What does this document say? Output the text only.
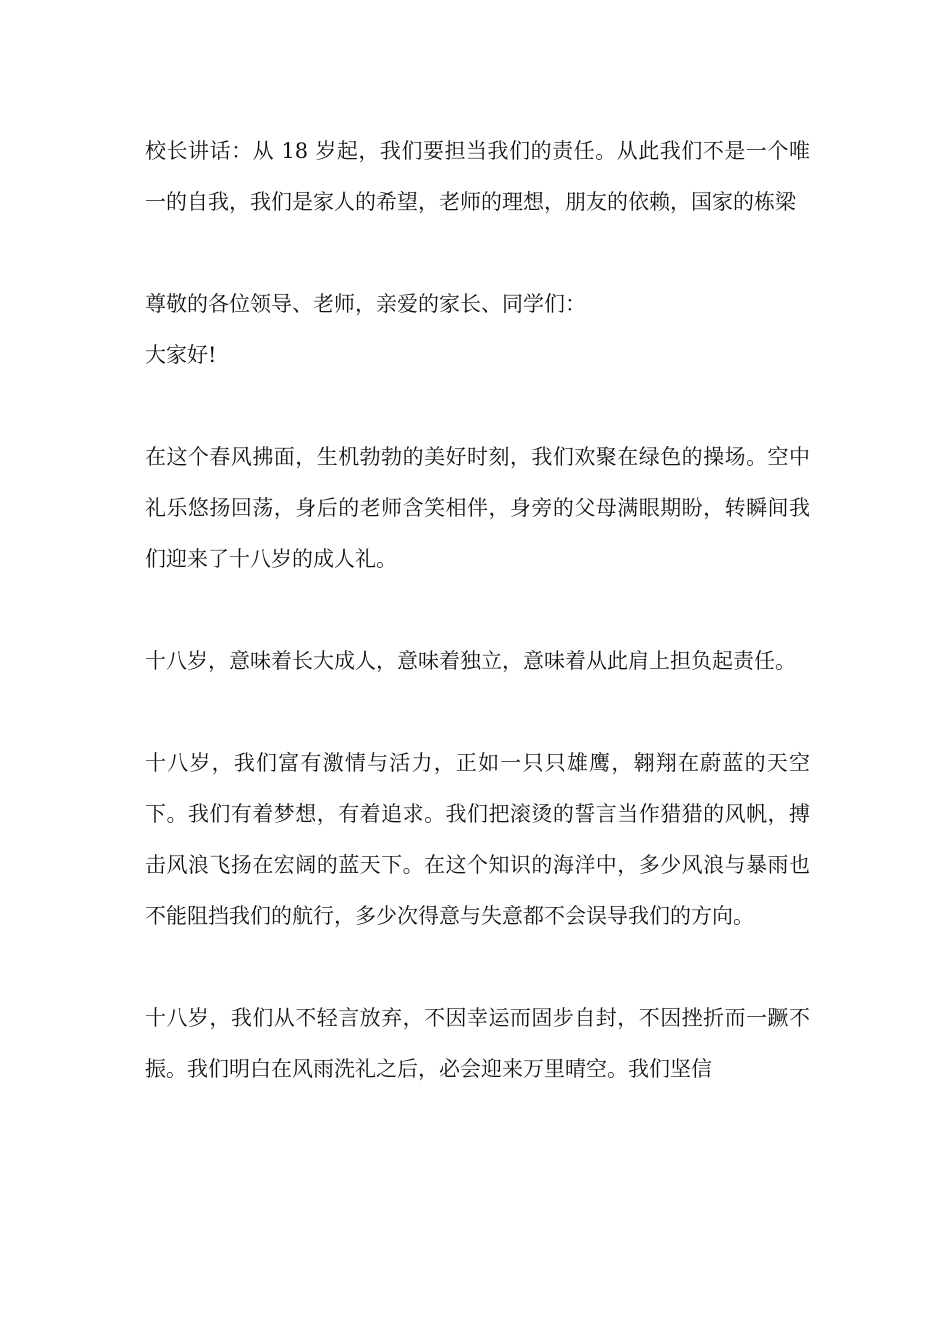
校长讲话：从 18 岁起，我们要担当我们的责任。从此我们不是一个唯一的自我，我们是家人的希望，老师的理想，朋友的依赖，国家的栋梁

尊敬的各位领导、老师，亲爱的家长、同学们：

大家好!

在这个春风拂面，生机勃勃的美好时刻，我们欢聚在绿色的操场。空中礼乐悠扬回荡，身后的老师含笑相伴，身旁的父母满眼期盼，转瞬间我们迎来了十八岁的成人礼。

十八岁，意味着长大成人，意味着独立，意味着从此肩上担负起责任。

十八岁，我们富有激情与活力，正如一只只雄鹰，翱翔在蔚蓝的天空下。我们有着梦想，有着追求。我们把滚烫的誓言当作猎猎的风帆，搏击风浪飞扬在宏阔的蓝天下。在这个知识的海洋中，多少风浪与暴雨也不能阻挡我们的航行，多少次得意与失意都不会误导我们的方向。

十八岁，我们从不轻言放弃，不因幸运而固步自封，不因挫折而一蹶不振。我们明白在风雨洗礼之后，必会迎来万里晴空。我们坚信
